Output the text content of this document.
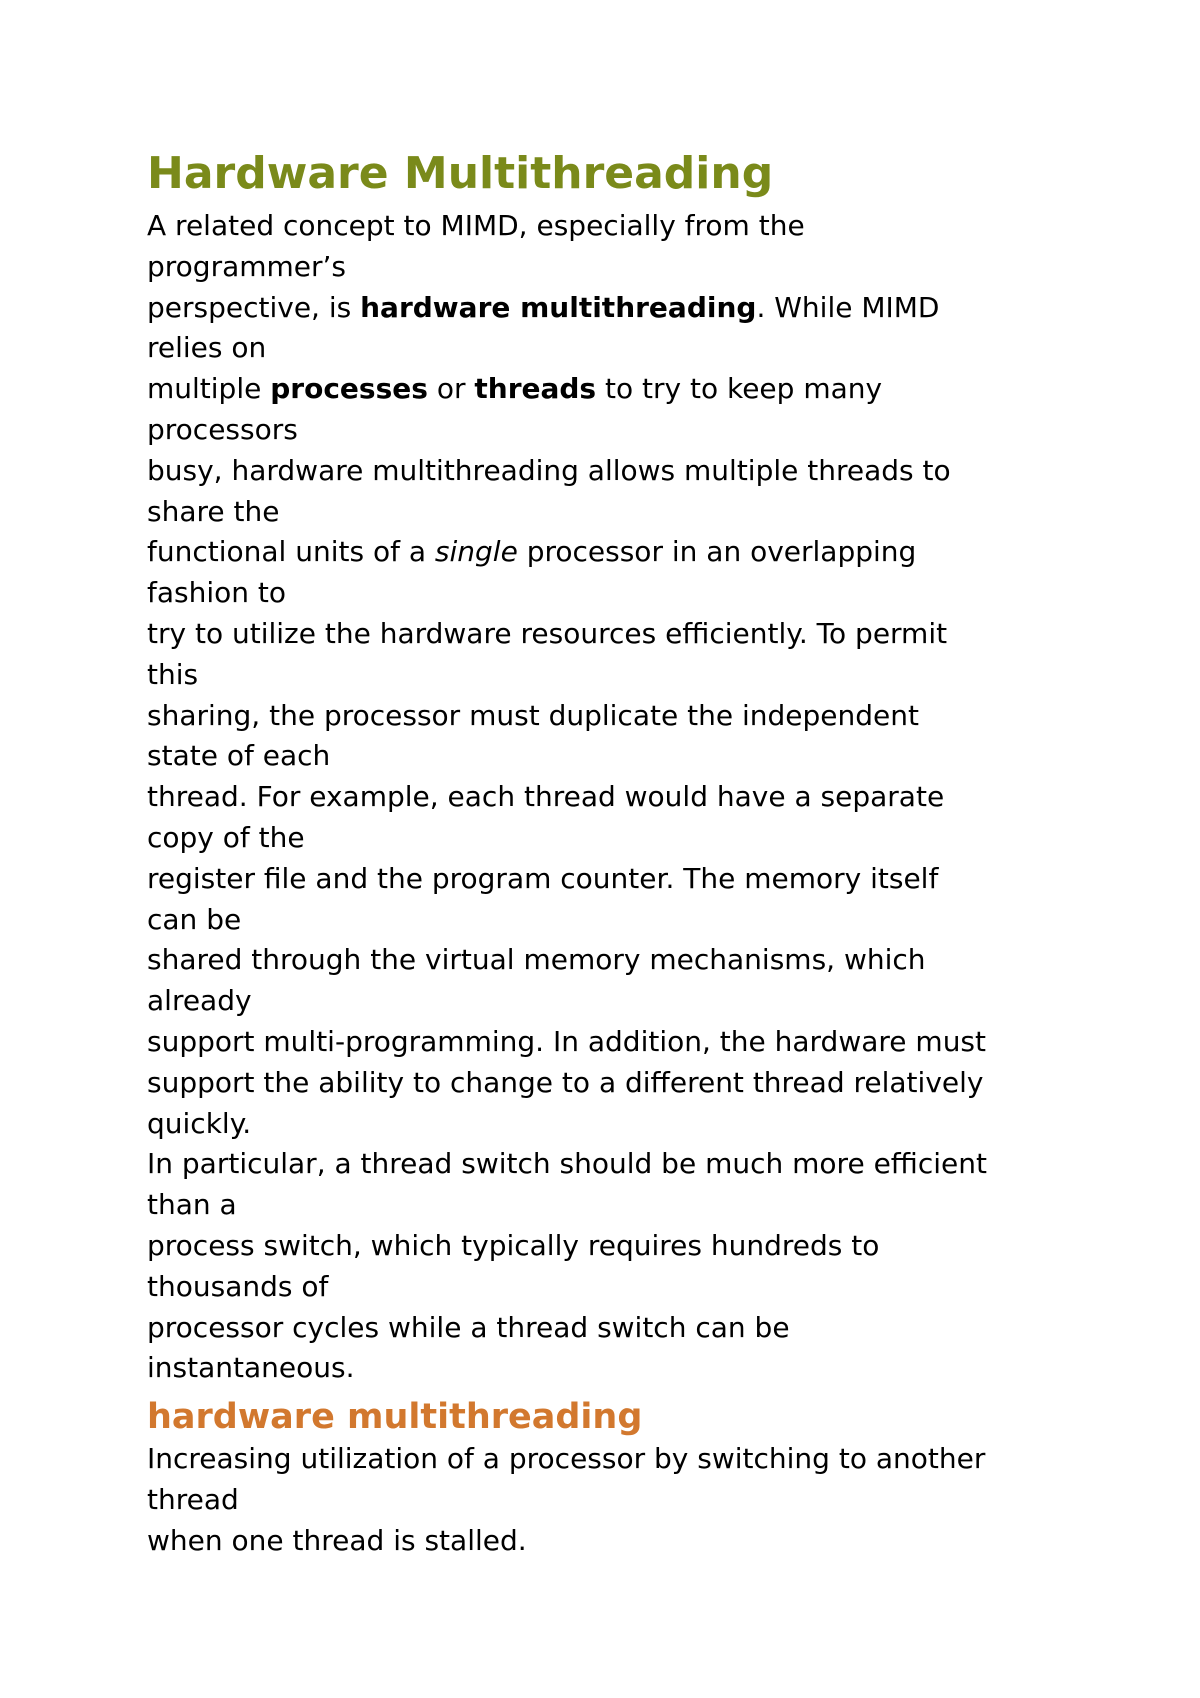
Hardware Multithreading
A related concept to MIMD, especially from the
programmer’s
perspective, is hardware multithreading. While MIMD
relies on
multiple processes or threads to try to keep many
processors
busy, hardware multithreading allows multiple threads to
share the
functional units of a single processor in an overlapping
fashion to
try to utilize the hardware resources efficiently. To permit
this
sharing, the processor must duplicate the independent
state of each
thread. For example, each thread would have a separate
copy of the
register file and the program counter. The memory itself
can be
shared through the virtual memory mechanisms, which
already
support multi-programming. In addition, the hardware must
support the ability to change to a different thread relatively
quickly.
In particular, a thread switch should be much more efficient
than a
process switch, which typically requires hundreds to
thousands of
processor cycles while a thread switch can be
instantaneous.
hardware multithreading
Increasing utilization of a processor by switching to another
thread
when one thread is stalled.
